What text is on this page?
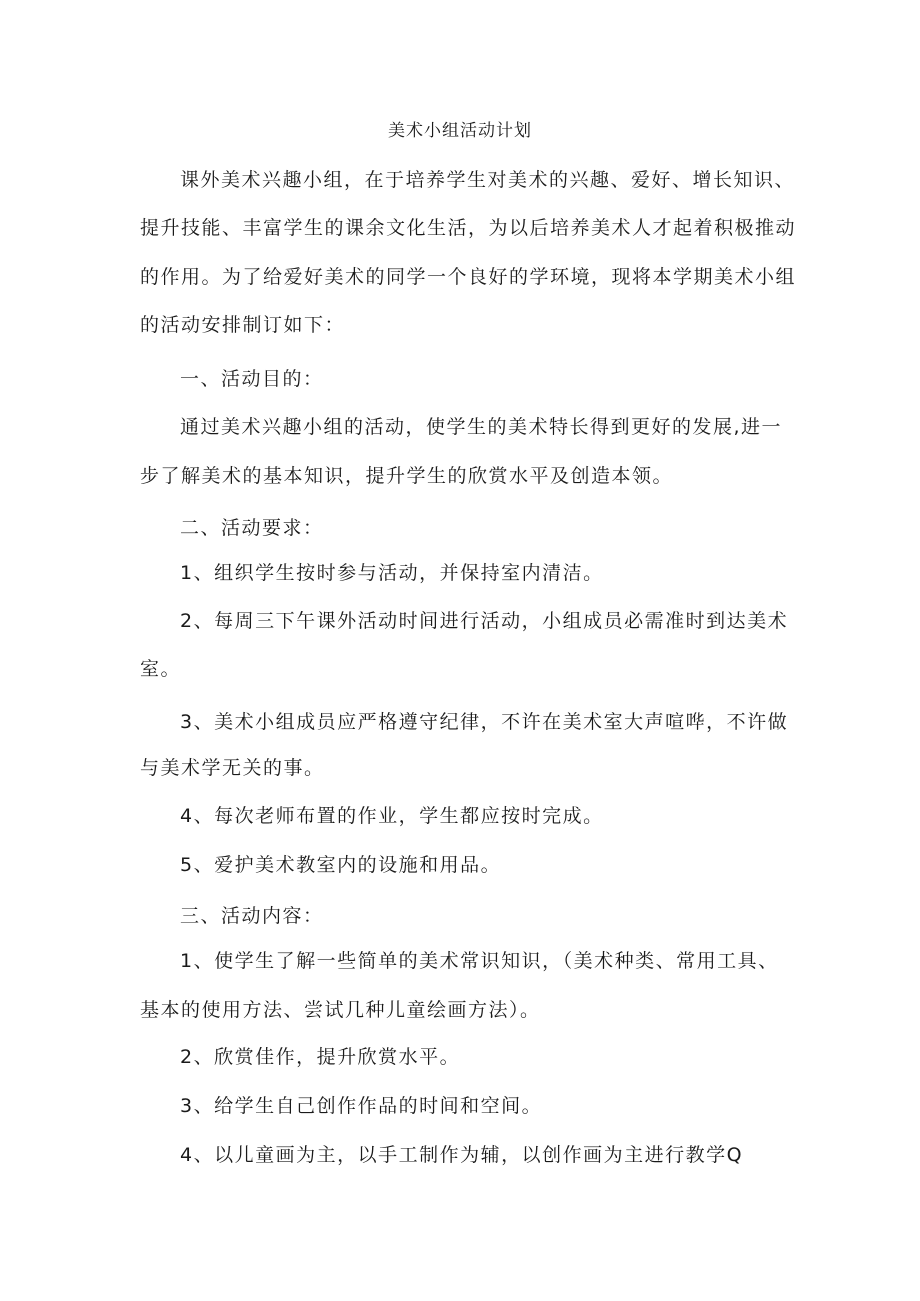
美术小组活动计划
课外美术兴趣小组，在于培养学生对美术的兴趣、爱好、增长知识、
提升技能、丰富学生的课余文化生活，为以后培养美术人才起着积极推动
的作用。为了给爱好美术的同学一个良好的学环境，现将本学期美术小组
的活动安排制订如下：
一、活动目的：
通过美术兴趣小组的活动，使学生的美术特长得到更好的发展,进一
步了解美术的基本知识，提升学生的欣赏水平及创造本领。
二、活动要求：
1、组织学生按时参与活动，并保持室内清洁。
2、每周三下午课外活动时间进行活动，小组成员必需准时到达美术
室。
3、美术小组成员应严格遵守纪律，不许在美术室大声喧哗，不许做
与美术学无关的事。
4、每次老师布置的作业，学生都应按时完成。
5、爱护美术教室内的设施和用品。
三、活动内容：
1、使学生了解一些简单的美术常识知识，（美术种类、常用工具、
基本的使用方法、尝试几种儿童绘画方法）。
2、欣赏佳作，提升欣赏水平。
3、给学生自己创作作品的时间和空间。
4、以儿童画为主，以手工制作为辅，以创作画为主进行教学Q
